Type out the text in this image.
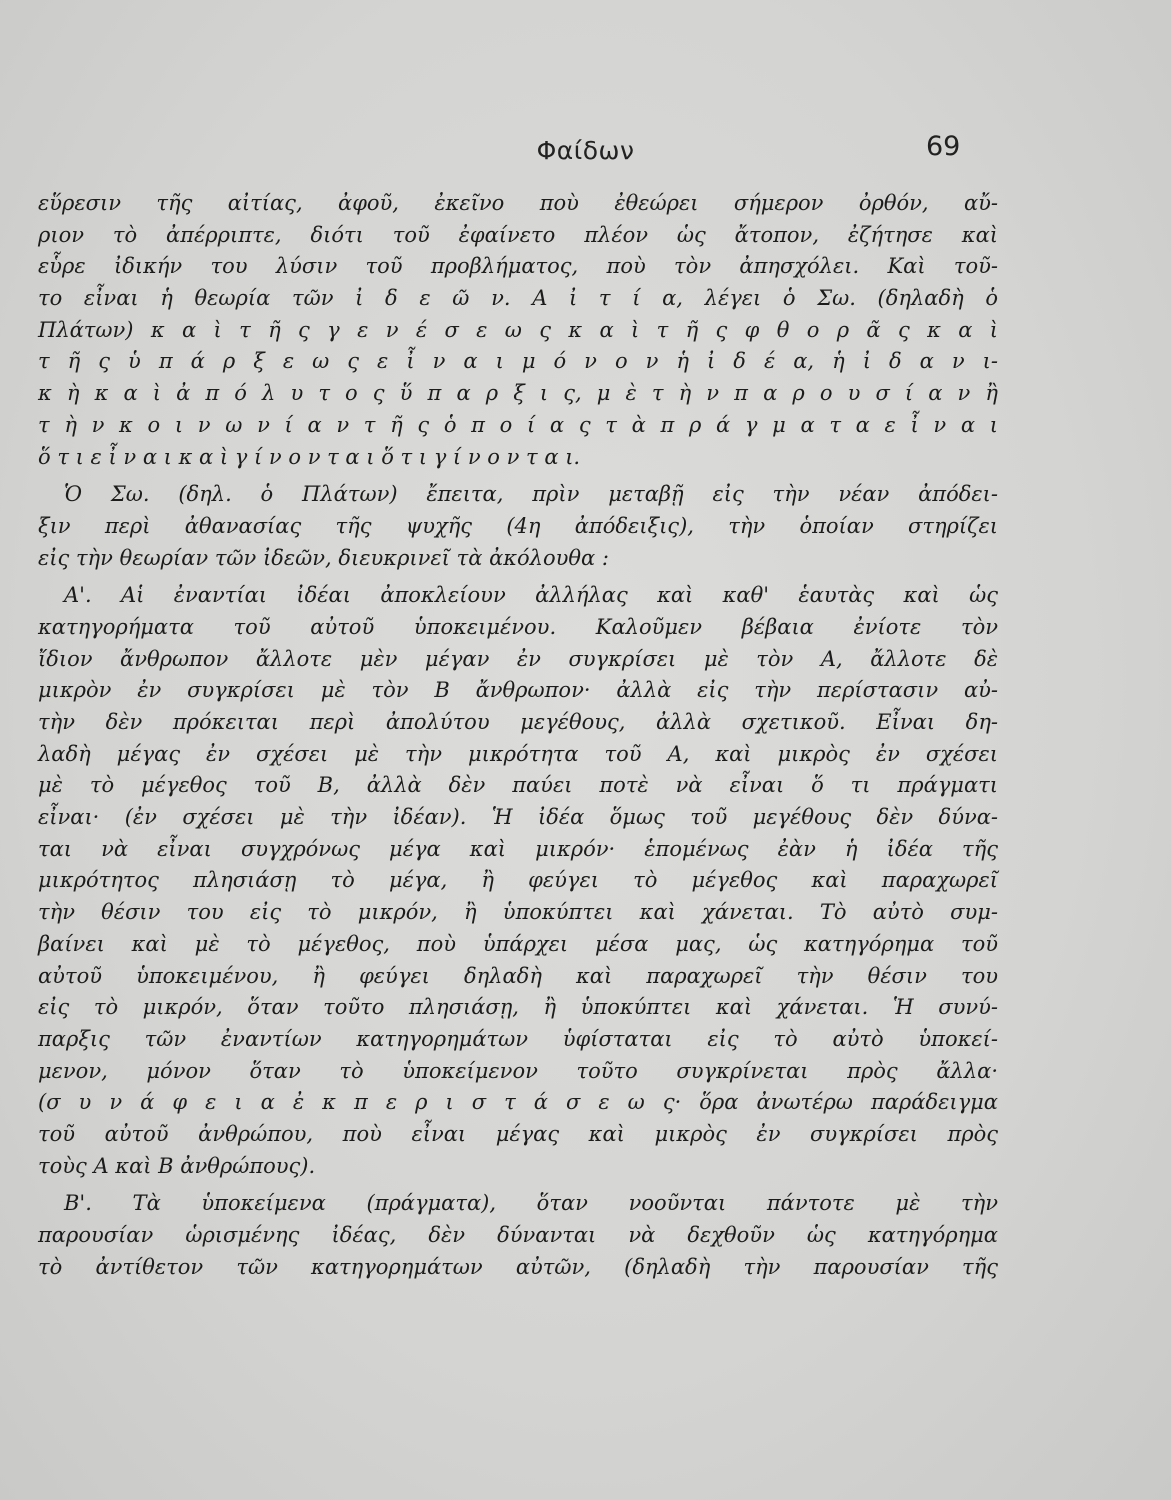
Φαίδων	69
εὕρεσιν τῆς αἰτίας, ἀφοῦ, ἐκεῖνο ποὺ ἐθεώρει σήμερον ὀρθόν, αὔ-
ριον τὸ ἀπέρριπτε, διότι τοῦ ἐφαίνετο πλέον ὡς ἄτοπον, ἐζήτησε καὶ
εὗρε ἰδικήν του λύσιν τοῦ προβλήματος, ποὺ τὸν ἀπησχόλει. Καὶ τοῦ-
το εἶναι ἡ θεωρία τῶν ἰ δ ε ῶ ν. Α ἰ τ ί α, λέγει ὁ Σω. (δηλαδὴ ὁ
Πλάτων) κ α ὶ τ ῆ ς γ ε ν έ σ ε ω ς κ α ὶ τ ῆ ς φ θ ο ρ ᾶ ς κ α ὶ
τ ῆ ς ὑ π ά ρ ξ ε ω ς ε ἶ ν α ι μ ό ν ο ν ἡ ἰ δ έ α, ἡ ἰ δ α ν ι-
κ ὴ κ α ὶ ἀ π ό λ υ τ ο ς ὕ π α ρ ξ ι ς, μ ὲ τ ὴ ν π α ρ ο υ σ ί α ν ἢ
τ ὴ ν κ ο ι ν ω ν ί α ν τ ῆ ς ὁ π ο ί α ς τ ὰ π ρ ά γ μ α τ α ε ἶ ν α ι
ὅ τ ι ε ἶ ν α ι κ α ὶ γ ί ν ο ν τ α ι ὅ τ ι γ ί ν ο ν τ α ι.
Ὁ Σω. (δηλ. ὁ Πλάτων) ἔπειτα, πρὶν μεταβῇ εἰς τὴν νέαν ἀπόδει-
ξιν περὶ ἀθανασίας τῆς ψυχῆς (4η ἀπόδειξις), τὴν ὁποίαν στηρίζει
εἰς τὴν θεωρίαν τῶν ἰδεῶν, διευκρινεῖ τὰ ἀκόλουθα :
Α'. Αἱ ἐναντίαι ἰδέαι ἀποκλείουν ἀλλήλας καὶ καθ' ἑαυτὰς καὶ ὡς
κατηγορήματα τοῦ αὐτοῦ ὑποκειμένου. Καλοῦμεν βέβαια ἐνίοτε τὸν
ἴδιον ἄνθρωπον ἄλλοτε μὲν μέγαν ἐν συγκρίσει μὲ τὸν Α, ἄλλοτε δὲ
μικρὸν ἐν συγκρίσει μὲ τὸν Β ἄνθρωπον· ἀλλὰ εἰς τὴν περίστασιν αὐ-
τὴν δὲν πρόκειται περὶ ἀπολύτου μεγέθους, ἀλλὰ σχετικοῦ. Εἶναι δη-
λαδὴ μέγας ἐν σχέσει μὲ τὴν μικρότητα τοῦ Α, καὶ μικρὸς ἐν σχέσει
μὲ τὸ μέγεθος τοῦ Β, ἀλλὰ δὲν παύει ποτὲ νὰ εἶναι ὅ τι πράγματι
εἶναι· (ἐν σχέσει μὲ τὴν ἰδέαν). Ἡ ἰδέα ὅμως τοῦ μεγέθους δὲν δύνα-
ται νὰ εἶναι συγχρόνως μέγα καὶ μικρόν· ἑπομένως ἐὰν ἡ ἰδέα τῆς
μικρότητος πλησιάσῃ τὸ μέγα, ἢ φεύγει τὸ μέγεθος καὶ παραχωρεῖ
τὴν θέσιν του εἰς τὸ μικρόν, ἢ ὑποκύπτει καὶ χάνεται. Τὸ αὐτὸ συμ-
βαίνει καὶ μὲ τὸ μέγεθος, ποὺ ὑπάρχει μέσα μας, ὡς κατηγόρημα τοῦ
αὐτοῦ ὑποκειμένου, ἢ φεύγει δηλαδὴ καὶ παραχωρεῖ τὴν θέσιν του
εἰς τὸ μικρόν, ὅταν τοῦτο πλησιάσῃ, ἢ ὑποκύπτει καὶ χάνεται. Ἡ συνύ-
παρξις τῶν ἐναντίων κατηγορημάτων ὑφίσταται εἰς τὸ αὐτὸ ὑποκεί-
μενον, μόνον ὅταν τὸ ὑποκείμενον τοῦτο συγκρίνεται πρὸς ἄλλα·
(σ υ ν ά φ ε ι α ἐ κ π ε ρ ι σ τ ά σ ε ω ς· ὅρα ἀνωτέρω παράδειγμα
τοῦ αὐτοῦ ἀνθρώπου, ποὺ εἶναι μέγας καὶ μικρὸς ἐν συγκρίσει πρὸς
τοὺς Α καὶ Β ἀνθρώπους).
Β'. Τὰ ὑποκείμενα (πράγματα), ὅταν νοοῦνται πάντοτε μὲ τὴν
παρουσίαν ὡρισμένης ἰδέας, δὲν δύνανται νὰ δεχθοῦν ὡς κατηγόρημα
τὸ ἀντίθετον τῶν κατηγορημάτων αὐτῶν, (δηλαδὴ τὴν παρουσίαν τῆς
